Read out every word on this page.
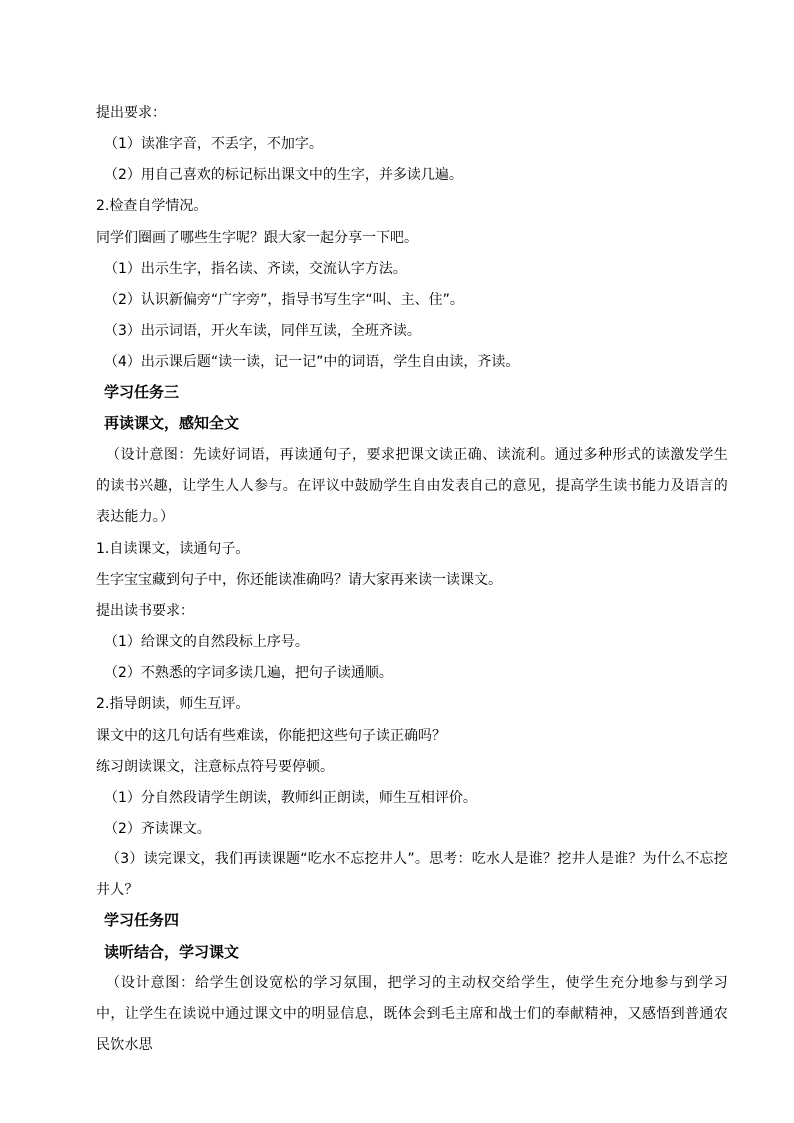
提出要求：
（1）读准字音，不丢字，不加字。
（2）用自己喜欢的标记标出课文中的生字，并多读几遍。
2.检查自学情况。
同学们圈画了哪些生字呢？跟大家一起分享一下吧。
（1）出示生字，指名读、齐读，交流认字方法。
（2）认识新偏旁“广字旁”，指导书写生字“叫、主、住”。
（3）出示词语，开火车读，同伴互读，全班齐读。
（4）出示课后题“读一读，记一记”中的词语，学生自由读，齐读。
学习任务三
再读课文，感知全文
（设计意图：先读好词语，再读通句子，要求把课文读正确、读流利。通过多种形式的读激发学生的读书兴趣，让学生人人参与。在评议中鼓励学生自由发表自己的意见，提高学生读书能力及语言的表达能力。）
1.自读课文，读通句子。
生字宝宝藏到句子中，你还能读准确吗？请大家再来读一读课文。
提出读书要求：
（1）给课文的自然段标上序号。
（2）不熟悉的字词多读几遍，把句子读通顺。
2.指导朗读，师生互评。
课文中的这几句话有些难读，你能把这些句子读正确吗？
练习朗读课文，注意标点符号要停顿。
（1）分自然段请学生朗读，教师纠正朗读，师生互相评价。
（2）齐读课文。
（3）读完课文，我们再读课题“吃水不忘挖井人”。思考：吃水人是谁？挖井人是谁？为什么不忘挖井人？
学习任务四
读听结合，学习课文
（设计意图：给学生创设宽松的学习氛围，把学习的主动权交给学生，使学生充分地参与到学习中，让学生在读说中通过课文中的明显信息，既体会到毛主席和战士们的奉献精神，又感悟到普通农民饮水思
